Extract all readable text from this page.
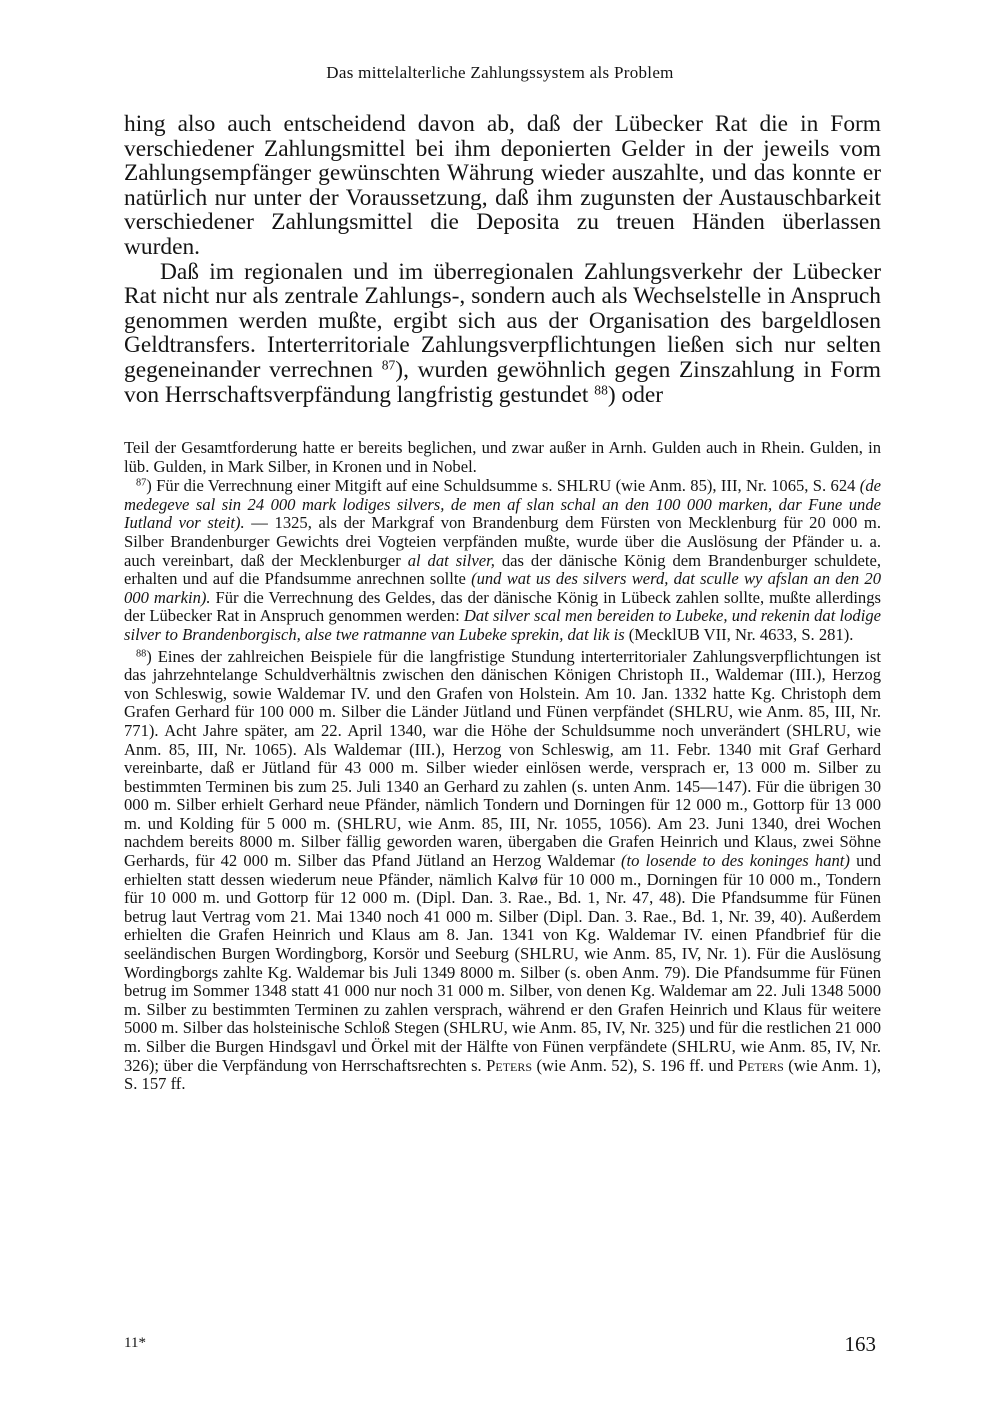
Das mittelalterliche Zahlungssystem als Problem

hing also auch entscheidend davon ab, daß der Lübecker Rat die in Form verschiedener Zahlungsmittel bei ihm deponierten Gelder in der jeweils vom Zahlungsempfänger gewünschten Währung wieder auszahlte, und das konnte er natürlich nur unter der Voraussetzung, daß ihm zugunsten der Austauschbarkeit verschiedener Zahlungsmittel die Deposita zu treuen Händen überlassen wurden.

Daß im regionalen und im überregionalen Zahlungsverkehr der Lübecker Rat nicht nur als zentrale Zahlungs-, sondern auch als Wechselstelle in Anspruch genommen werden mußte, ergibt sich aus der Organisation des bargeldlosen Geldtransfers. Interterritoriale Zahlungsverpflichtungen ließen sich nur selten gegeneinander verrechnen $^{87}$), wurden gewöhnlich gegen Zinszahlung in Form von Herrschaftsverpfändung langfristig gestundet $^{88}$) oder

Teil der Gesamtforderung hatte er bereits beglichen, und zwar außer in Arnh. Gulden auch in Rhein. Gulden, in lüb. Gulden, in Mark Silber, in Kronen und in Nobel.

$^{87}$) Für die Verrechnung einer Mitgift auf eine Schuldsumme s. SHLRU (wie Anm. 85), III, Nr. 1065, S. 624 (de medegeve sal sin 24 000 mark lodiges silvers, de men af slan schal an den 100 000 marken, dar Fune unde Iutland vor steit). — 1325, als der Markgraf von Brandenburg dem Fürsten von Mecklenburg für 20 000 m. Silber Brandenburger Gewichts drei Vogteien verpfänden mußte, wurde über die Auslösung der Pfänder u. a. auch vereinbart, daß der Mecklenburger al dat silver, das der dänische König dem Brandenburger schuldete, erhalten und auf die Pfandsumme anrechnen sollte (und wat us des silvers werd, dat sculle wy afslan an den 20 000 markin). Für die Verrechnung des Geldes, das der dänische König in Lübeck zahlen sollte, mußte allerdings der Lübecker Rat in Anspruch genommen werden: Dat silver scal men bereiden to Lubeke, und rekenin dat lodige silver to Brandenborgisch, alse twe ratmanne van Lubeke sprekin, dat lik is (MecklUB VII, Nr. 4633, S. 281).

$^{88}$) Eines der zahlreichen Beispiele für die langfristige Stundung interterritorialer Zahlungsverpflichtungen ist das jahrzehntelange Schuldverhältnis zwischen den dänischen Königen Christoph II., Waldemar (III.), Herzog von Schleswig, sowie Waldemar IV. und den Grafen von Holstein. Am 10. Jan. 1332 hatte Kg. Christoph dem Grafen Gerhard für 100 000 m. Silber die Länder Jütland und Fünen verpfändet (SHLRU, wie Anm. 85, III, Nr. 771). Acht Jahre später, am 22. April 1340, war die Höhe der Schuldsumme noch unverändert (SHLRU, wie Anm. 85, III, Nr. 1065). Als Waldemar (III.), Herzog von Schleswig, am 11. Febr. 1340 mit Graf Gerhard vereinbarte, daß er Jütland für 43 000 m. Silber wieder einlösen werde, versprach er, 13 000 m. Silber zu bestimmten Terminen bis zum 25. Juli 1340 an Gerhard zu zahlen (s. unten Anm. 145—147). Für die übrigen 30 000 m. Silber erhielt Gerhard neue Pfänder, nämlich Tondern und Dorningen für 12 000 m., Gottorp für 13 000 m. und Kolding für 5 000 m. (SHLRU, wie Anm. 85, III, Nr. 1055, 1056). Am 23. Juni 1340, drei Wochen nachdem bereits 8000 m. Silber fällig geworden waren, übergaben die Grafen Heinrich und Klaus, zwei Söhne Gerhards, für 42 000 m. Silber das Pfand Jütland an Herzog Waldemar (to losende to des koninges hant) und erhielten statt dessen wiederum neue Pfänder, nämlich Kalvø für 10 000 m., Dorningen für 10 000 m., Tondern für 10 000 m. und Gottorp für 12 000 m. (Dipl. Dan. 3. Rae., Bd. 1, Nr. 47, 48). Die Pfandsumme für Fünen betrug laut Vertrag vom 21. Mai 1340 noch 41 000 m. Silber (Dipl. Dan. 3. Rae., Bd. 1, Nr. 39, 40). Außerdem erhielten die Grafen Heinrich und Klaus am 8. Jan. 1341 von Kg. Waldemar IV. einen Pfandbrief für die seeländischen Burgen Wordingborg, Korsör und Seeburg (SHLRU, wie Anm. 85, IV, Nr. 1). Für die Auslösung Wordingborgs zahlte Kg. Waldemar bis Juli 1349 8000 m. Silber (s. oben Anm. 79). Die Pfandsumme für Fünen betrug im Sommer 1348 statt 41 000 nur noch 31 000 m. Silber, von denen Kg. Waldemar am 22. Juli 1348 5000 m. Silber zu bestimmten Terminen zu zahlen versprach, während er den Grafen Heinrich und Klaus für weitere 5000 m. Silber das holsteinische Schloß Stegen (SHLRU, wie Anm. 85, IV, Nr. 325) und für die restlichen 21 000 m. Silber die Burgen Hindsgavl und Örkel mit der Hälfte von Fünen verpfändete (SHLRU, wie Anm. 85, IV, Nr. 326); über die Verpfändung von Herrschaftsrechten s. Peters (wie Anm. 52), S. 196 ff. und Peters (wie Anm. 1), S. 157 ff.

11*	163
